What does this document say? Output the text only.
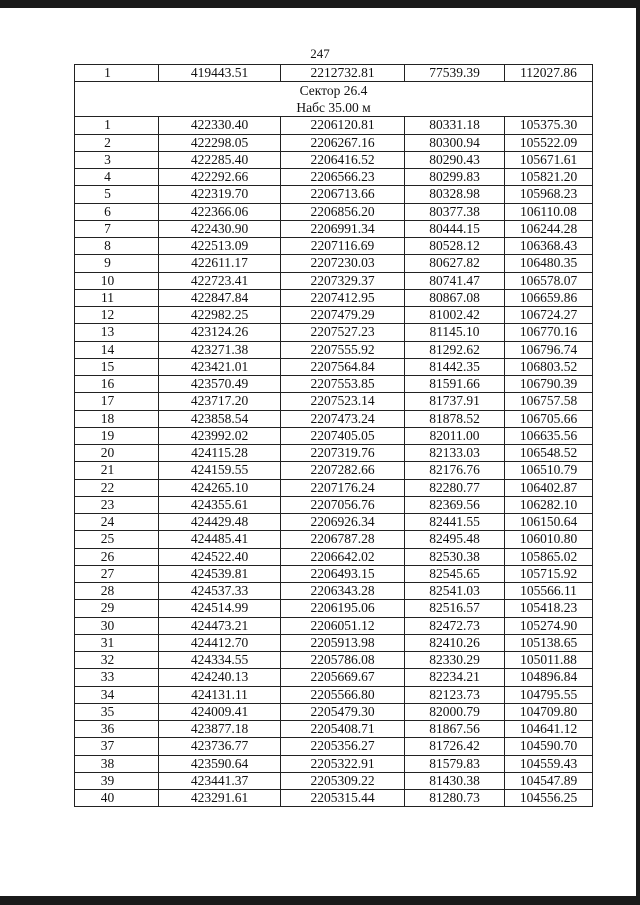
247
1	419443.51	2212732.81	77539.39	112027.86
Сектор 26.4				
Набс 35.00 м				
1	422330.40	2206120.81	80331.18	105375.30
2	422298.05	2206267.16	80300.94	105522.09
3	422285.40	2206416.52	80290.43	105671.61
4	422292.66	2206566.23	80299.83	105821.20
5	422319.70	2206713.66	80328.98	105968.23
6	422366.06	2206856.20	80377.38	106110.08
7	422430.90	2206991.34	80444.15	106244.28
8	422513.09	2207116.69	80528.12	106368.43
9	422611.17	2207230.03	80627.82	106480.35
10	422723.41	2207329.37	80741.47	106578.07
11	422847.84	2207412.95	80867.08	106659.86
12	422982.25	2207479.29	81002.42	106724.27
13	423124.26	2207527.23	81145.10	106770.16
14	423271.38	2207555.92	81292.62	106796.74
15	423421.01	2207564.84	81442.35	106803.52
16	423570.49	2207553.85	81591.66	106790.39
17	423717.20	2207523.14	81737.91	106757.58
18	423858.54	2207473.24	81878.52	106705.66
19	423992.02	2207405.05	82011.00	106635.56
20	424115.28	2207319.76	82133.03	106548.52
21	424159.55	2207282.66	82176.76	106510.79
22	424265.10	2207176.24	82280.77	106402.87
23	424355.61	2207056.76	82369.56	106282.10
24	424429.48	2206926.34	82441.55	106150.64
25	424485.41	2206787.28	82495.48	106010.80
26	424522.40	2206642.02	82530.38	105865.02
27	424539.81	2206493.15	82545.65	105715.92
28	424537.33	2206343.28	82541.03	105566.11
29	424514.99	2206195.06	82516.57	105418.23
30	424473.21	2206051.12	82472.73	105274.90
31	424412.70	2205913.98	82410.26	105138.65
32	424334.55	2205786.08	82330.29	105011.88
33	424240.13	2205669.67	82234.21	104896.84
34	424131.11	2205566.80	82123.73	104795.55
35	424009.41	2205479.30	82000.79	104709.80
36	423877.18	2205408.71	81867.56	104641.12
37	423736.77	2205356.27	81726.42	104590.70
38	423590.64	2205322.91	81579.83	104559.43
39	423441.37	2205309.22	81430.38	104547.89
40	423291.61	2205315.44	81280.73	104556.25
